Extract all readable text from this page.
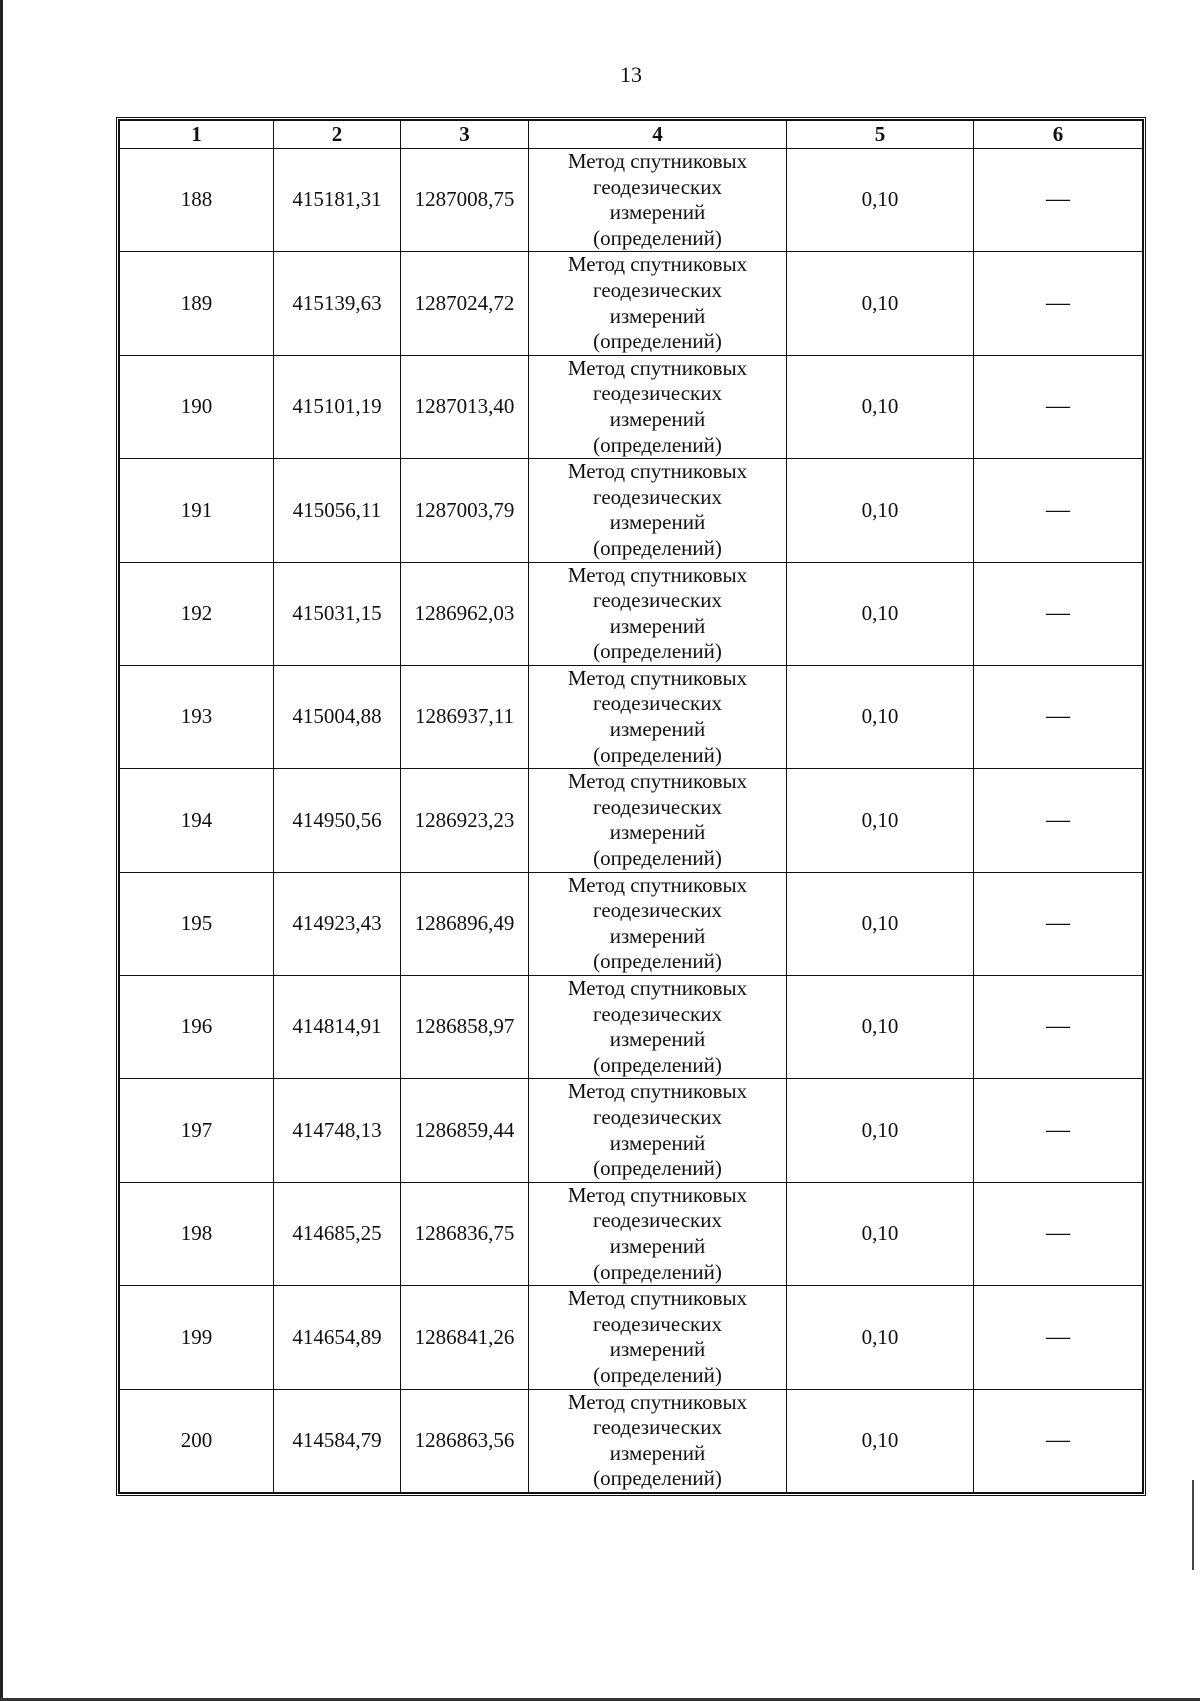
13
1	2	3	4	5	6
188	415181,31	1287008,75	Метод спутниковых
геодезических
измерений
(определений)	0,10	—
189	415139,63	1287024,72	Метод спутниковых
геодезических
измерений
(определений)	0,10	—
190	415101,19	1287013,40	Метод спутниковых
геодезических
измерений
(определений)	0,10	—
191	415056,11	1287003,79	Метод спутниковых
геодезических
измерений
(определений)	0,10	—
192	415031,15	1286962,03	Метод спутниковых
геодезических
измерений
(определений)	0,10	—
193	415004,88	1286937,11	Метод спутниковых
геодезических
измерений
(определений)	0,10	—
194	414950,56	1286923,23	Метод спутниковых
геодезических
измерений
(определений)	0,10	—
195	414923,43	1286896,49	Метод спутниковых
геодезических
измерений
(определений)	0,10	—
196	414814,91	1286858,97	Метод спутниковых
геодезических
измерений
(определений)	0,10	—
197	414748,13	1286859,44	Метод спутниковых
геодезических
измерений
(определений)	0,10	—
198	414685,25	1286836,75	Метод спутниковых
геодезических
измерений
(определений)	0,10	—
199	414654,89	1286841,26	Метод спутниковых
геодезических
измерений
(определений)	0,10	—
200	414584,79	1286863,56	Метод спутниковых
геодезических
измерений
(определений)	0,10	—
